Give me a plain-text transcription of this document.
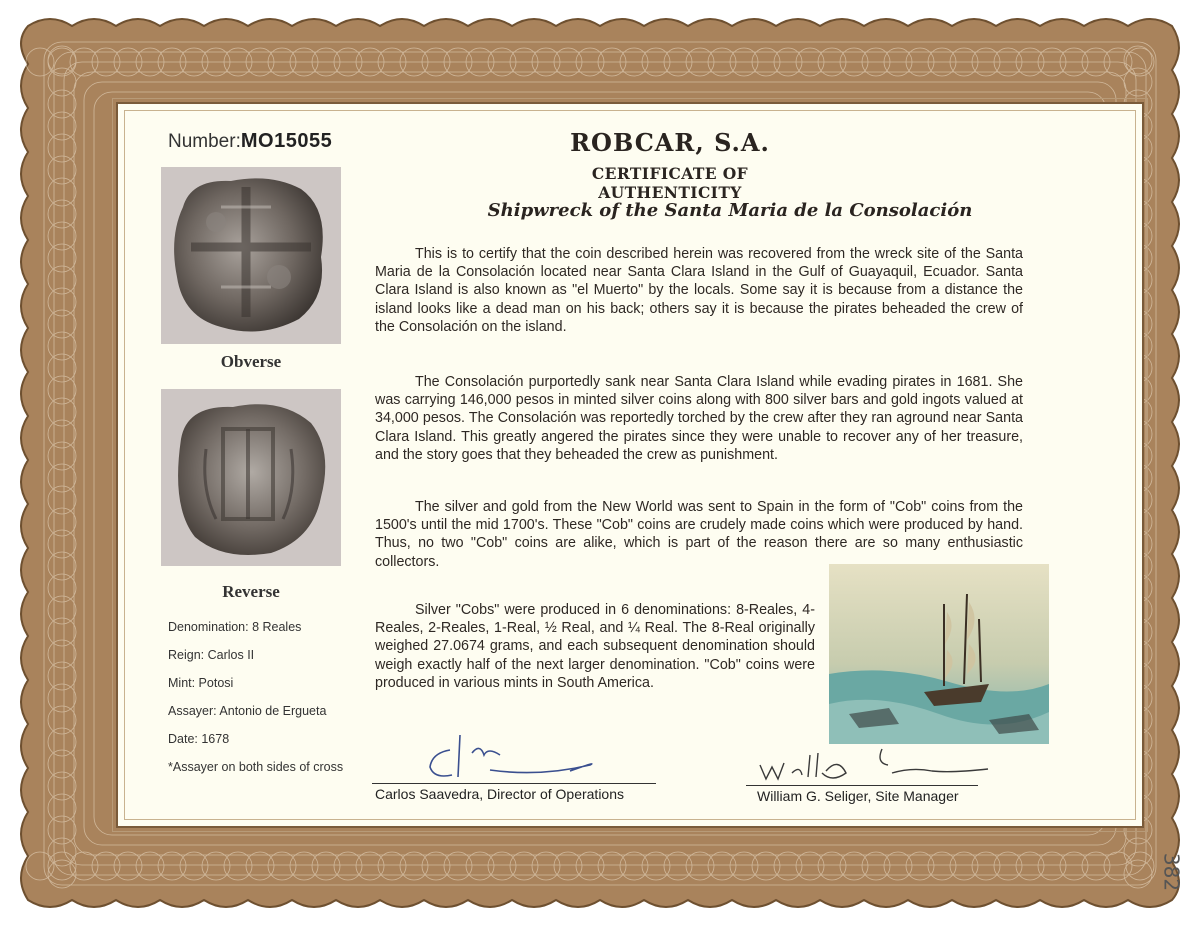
Number:MO15055
Obverse
Reverse
Denomination: 8 Reales
Reign: Carlos II
Mint: Potosi
Assayer: Antonio de Ergueta
Date: 1678
*Assayer on both sides of cross
ROBCAR, S.A.
CERTIFICATE OF AUTHENTICITY
Shipwreck of the Santa Maria de la Consolación

This is to certify that the coin described herein was recovered from the wreck site of the Santa Maria de la Consolación located near Santa Clara Island in the Gulf of Guayaquil, Ecuador. Santa Clara Island is also known as "el Muerto" by the locals. Some say it is because from a distance the island looks like a dead man on his back; others say it is because the pirates beheaded the crew of the Consolación on the island.

The Consolación purportedly sank near Santa Clara Island while evading pirates in 1681. She was carrying 146,000 pesos in minted silver coins along with 800 silver bars and gold ingots valued at 34,000 pesos. The Consolación was reportedly torched by the crew after they ran aground near Santa Clara Island. This greatly angered the pirates since they were unable to recover any of her treasure, and the story goes that they beheaded the crew as punishment.

The silver and gold from the New World was sent to Spain in the form of "Cob" coins from the 1500's until the mid 1700's. These "Cob" coins are crudely made coins which were produced by hand. Thus, no two "Cob" coins are alike, which is part of the reason there are so many enthusiastic collectors.

Silver "Cobs" were produced in 6 denominations: 8-Reales, 4-Reales, 2-Reales, 1-Real, ½ Real, and ¼ Real. The 8-Real originally weighed 27.0674 grams, and each subsequent denomination should weigh exactly half of the next larger denomination. "Cob" coins were produced in various mints in South America.

Carlos Saavedra, Director of Operations	William G. Seliger, Site Manager
382
